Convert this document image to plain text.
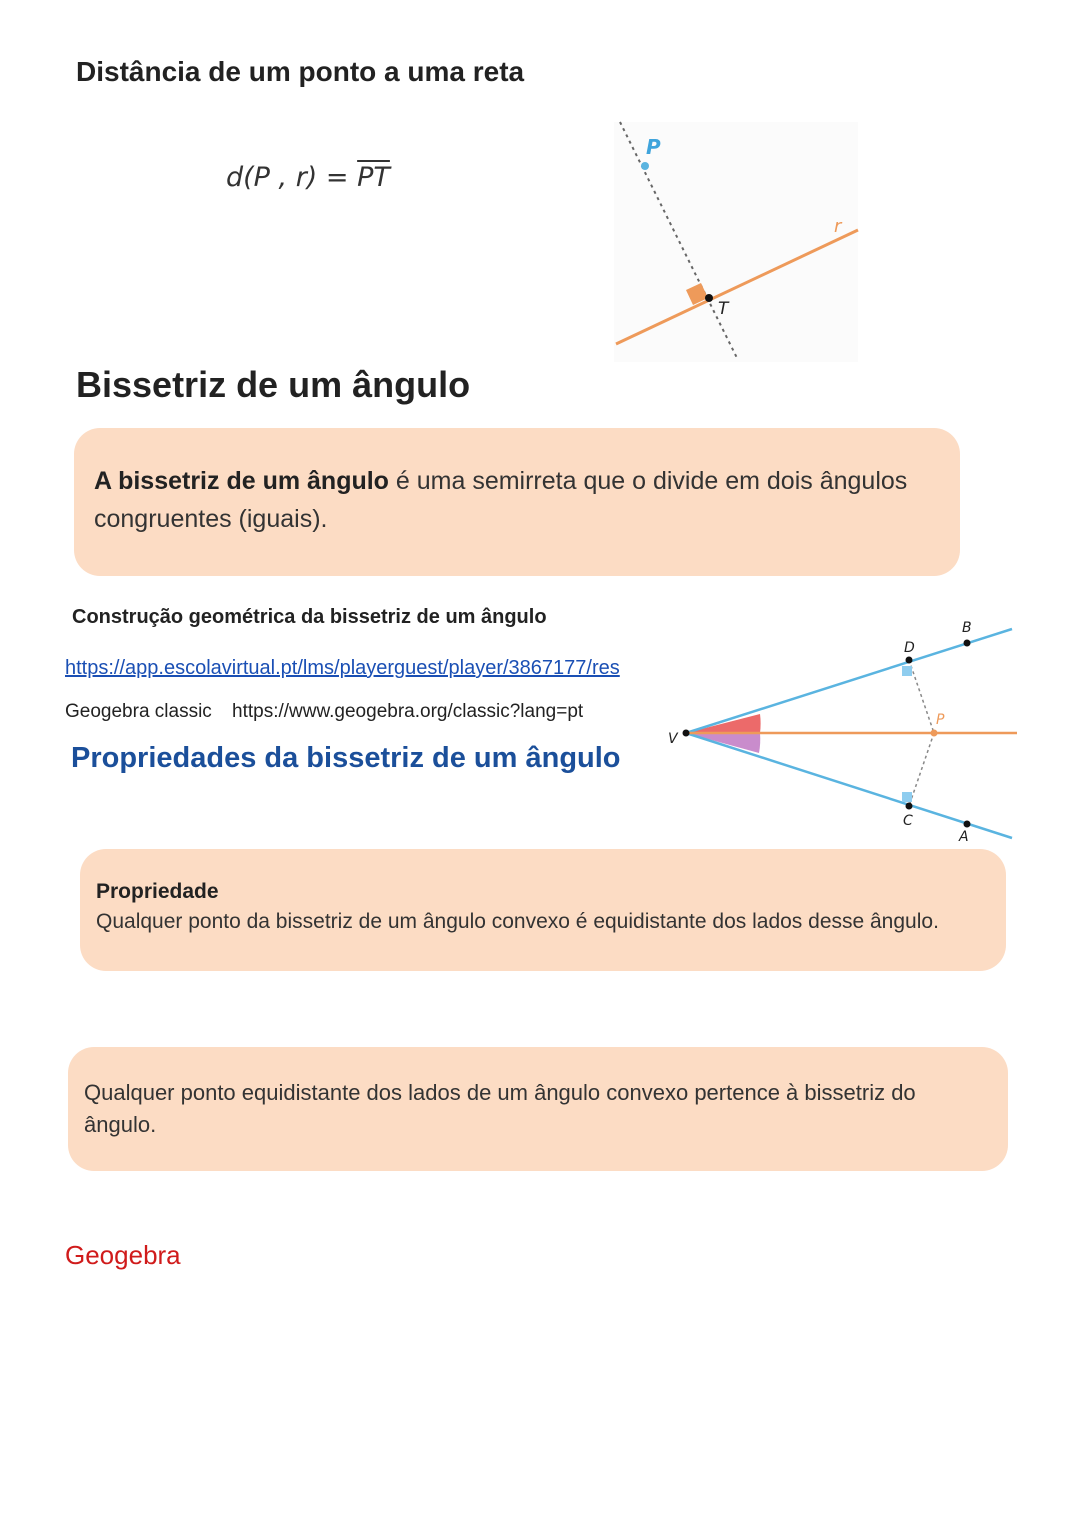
Distância de um ponto a uma reta
d(P , $r) = \overline{PT}$
P
r
T
Bissetriz de um ângulo
A bissetriz de um ângulo é uma semirreta que o divide em dois ângulos congruentes (iguais).
Construção geométrica da bissetriz de um ângulo
https://app.escolavirtual.pt/lms/playerguest/player/3867177/res
Geogebra classic https://www.geogebra.org/classic?lang=pt
Propriedades da bissetriz de um ângulo
V
D
B
P
C
A
Propriedade
Qualquer ponto da bissetriz de um ângulo convexo é equidistante dos lados desse ângulo.
Qualquer ponto equidistante dos lados de um ângulo convexo pertence à bissetriz do ângulo.
Geogebra
